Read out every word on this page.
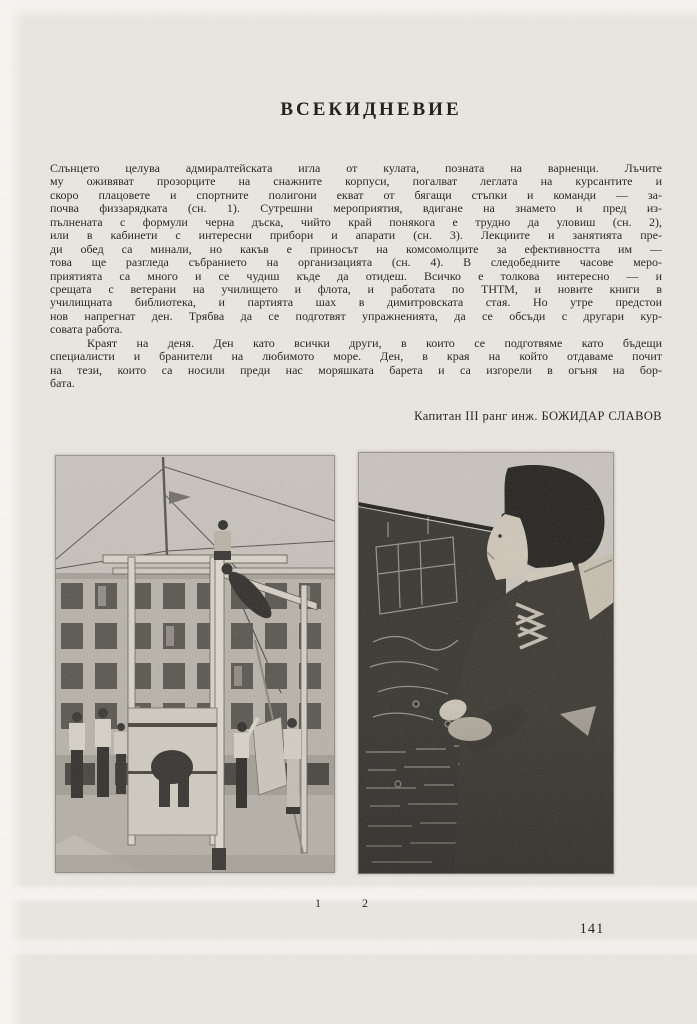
ВСЕКИДНЕВИЕ
Слънцето целува адмиралтейската игла от кулата, позната на варненци. Лъчите
му оживяват прозорците на снажните корпуси, погалват леглата на курсантите и
скоро плацовете и спортните полигони екват от бягащи стъпки и команди — за-
почва физзарядката (сн. 1). Сутрешни мероприятия, вдигане на знамето и пред из-
пълнената с формули черна дъска, чийто край понякога е трудно да уловиш (сн. 2),
или в кабинети с интересни прибори и апарати (сн. 3). Лекциите и занятията пре-
ди обед са минали, но какъв е приносът на комсомолците за ефективността им —
това ще разгледа събранието на организацията (сн. 4). В следобедните часове меро-
приятията са много и се чудиш къде да отидеш. Всичко е толкова интересно — и
срещата с ветерани на училището и флота, и работата по ТНТМ, и новите книги в
училищната библиотека, и партията шах в димитровската стая. Но утре предстои
нов напрегнат ден. Трябва да се подготвят упражненията, да се обсъди с другари кур-
совата работа.
Краят на деня. Ден като всички други, в които се подготвяме като бъдещи
специалисти и бранители на любимото море. Ден, в края на който отдаваме почит
на тези, които са носили преди нас моряшката барета и са изгорели в огъня на бор-
бата.
Капитан III ранг инж. БОЖИДАР СЛАВОВ
1	2
141
